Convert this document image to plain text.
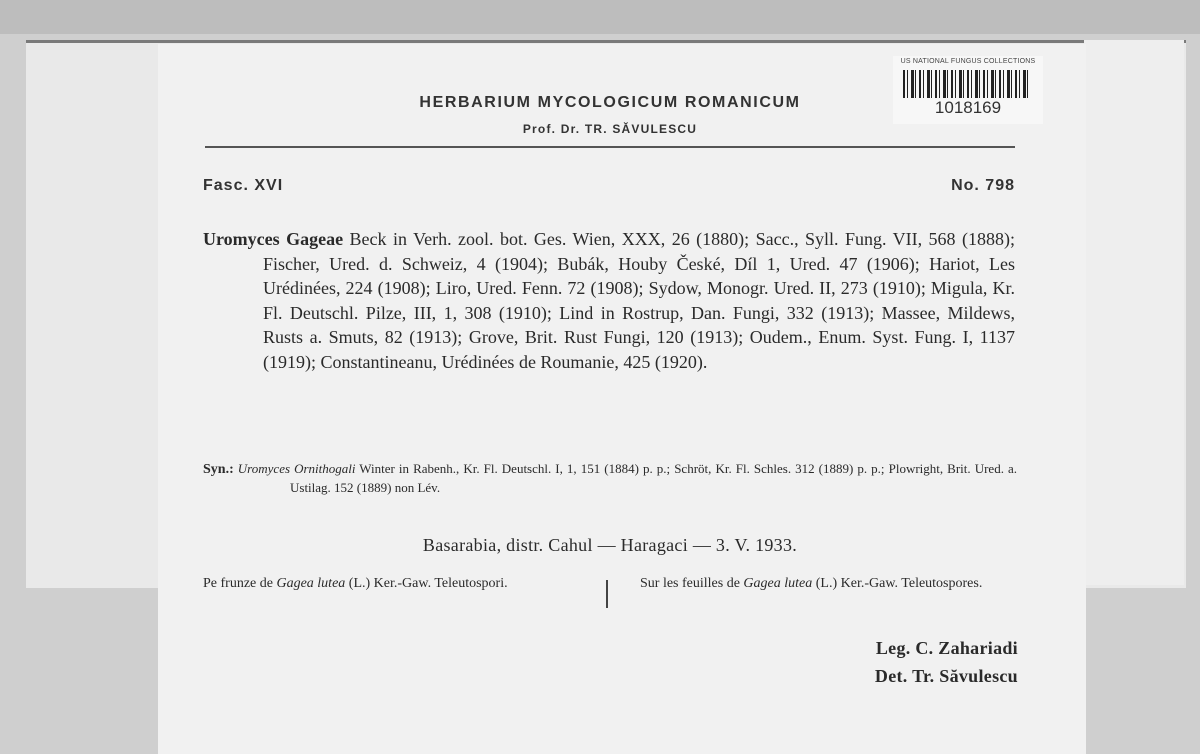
US NATIONAL FUNGUS COLLECTIONS
1018169
HERBARIUM MYCOLOGICUM ROMANICUM
Prof. Dr. TR. SĂVULESCU
Fasc. XVI	No. 798
Uromyces Gageae Beck in Verh. zool. bot. Ges. Wien, XXX, 26 (1880); Sacc., Syll. Fung. VII, 568 (1888); Fischer, Ured. d. Schweiz, 4 (1904); Bubák, Houby České, Díl 1, Ured. 47 (1906); Hariot, Les Urédinées, 224 (1908); Liro, Ured. Fenn. 72 (1908); Sydow, Monogr. Ured. II, 273 (1910); Migula, Kr. Fl. Deutschl. Pilze, III, 1, 308 (1910); Lind in Rostrup, Dan. Fungi, 332 (1913); Massee, Mildews, Rusts a. Smuts, 82 (1913); Grove, Brit. Rust Fungi, 120 (1913); Oudem., Enum. Syst. Fung. I, 1137 (1919); Constantineanu, Urédinées de Roumanie, 425 (1920).
Syn.: Uromyces Ornithogali Winter in Rabenh., Kr. Fl. Deutschl. I, 1, 151 (1884) p. p.; Schröt, Kr. Fl. Schles. 312 (1889) p. p.; Plowright, Brit. Ured. a. Ustilag. 152 (1889) non Lév.
Basarabia, distr. Cahul — Haragaci — 3. V. 1933.
Pe frunze de Gagea lutea (L.) Ker.-Gaw. Teleutospori.	Sur les feuilles de Gagea lutea (L.) Ker.-Gaw. Teleutospores.
Leg. C. Zahariadi
Det. Tr. Săvulescu
